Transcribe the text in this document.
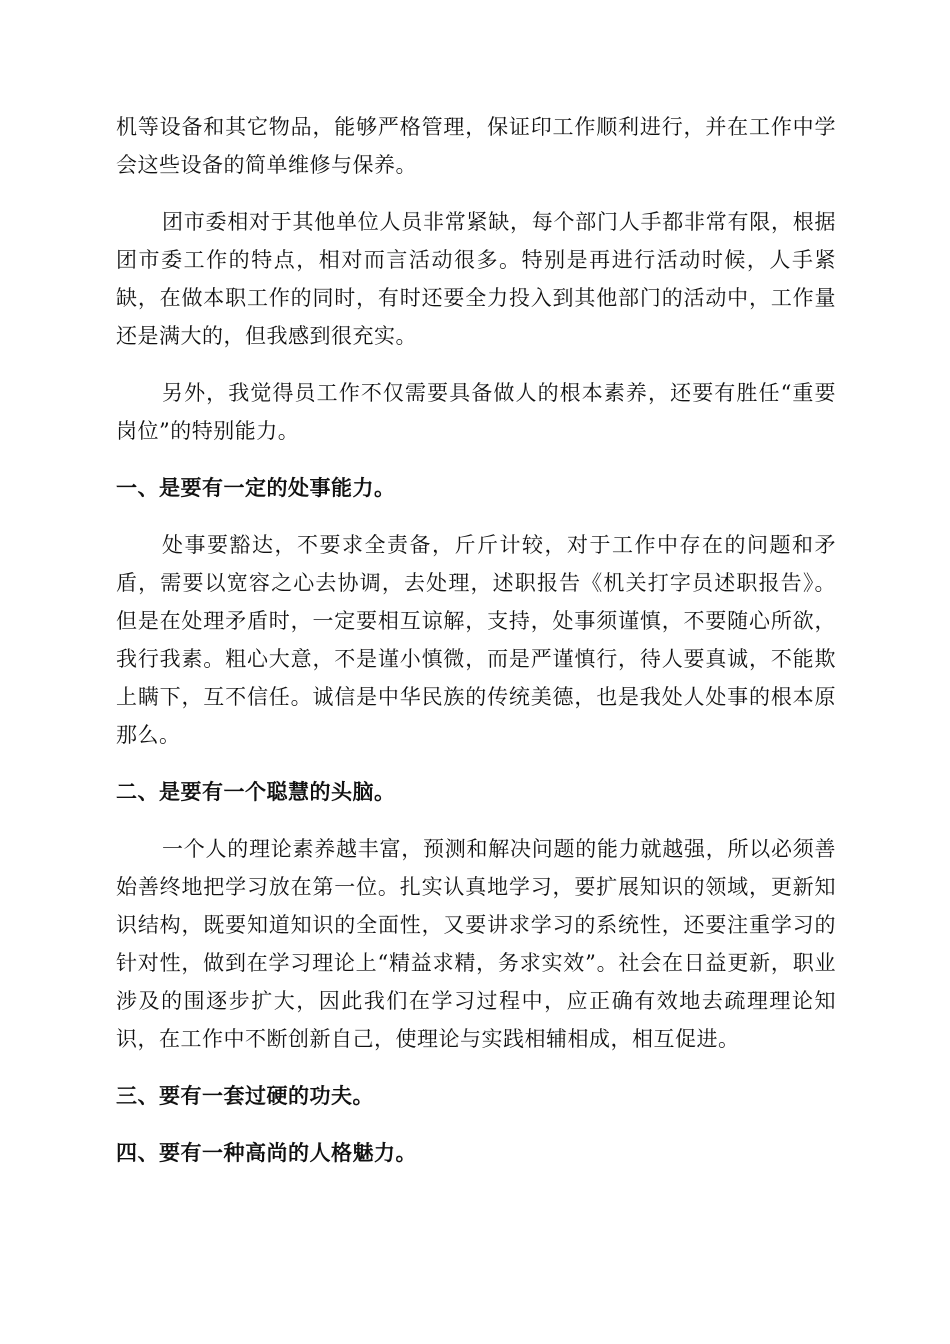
机等设备和其它物品，能够严格管理，保证印工作顺利进行，并在工作中学会这些设备的简单维修与保养。

团市委相对于其他单位人员非常紧缺，每个部门人手都非常有限，根据团市委工作的特点，相对而言活动很多。特别是再进行活动时候，人手紧缺，在做本职工作的同时，有时还要全力投入到其他部门的活动中，工作量还是满大的，但我感到很充实。

另外，我觉得员工作不仅需要具备做人的根本素养，还要有胜任“重要岗位”的特别能力。

一、是要有一定的处事能力。

处事要豁达，不要求全责备，斤斤计较，对于工作中存在的问题和矛盾，需要以宽容之心去协调，去处理，述职报告《机关打字员述职报告》。但是在处理矛盾时，一定要相互谅解，支持，处事须谨慎，不要随心所欲，我行我素。粗心大意，不是谨小慎微，而是严谨慎行，待人要真诚，不能欺上瞒下，互不信任。诚信是中华民族的传统美德，也是我处人处事的根本原那么。

二、是要有一个聪慧的头脑。

一个人的理论素养越丰富，预测和解决问题的能力就越强，所以必须善始善终地把学习放在第一位。扎实认真地学习，要扩展知识的领域，更新知识结构，既要知道知识的全面性，又要讲求学习的系统性，还要注重学习的针对性，做到在学习理论上“精益求精，务求实效”。社会在日益更新，职业涉及的围逐步扩大，因此我们在学习过程中，应正确有效地去疏理理论知识，在工作中不断创新自己，使理论与实践相辅相成，相互促进。

三、要有一套过硬的功夫。

四、要有一种高尚的人格魅力。
